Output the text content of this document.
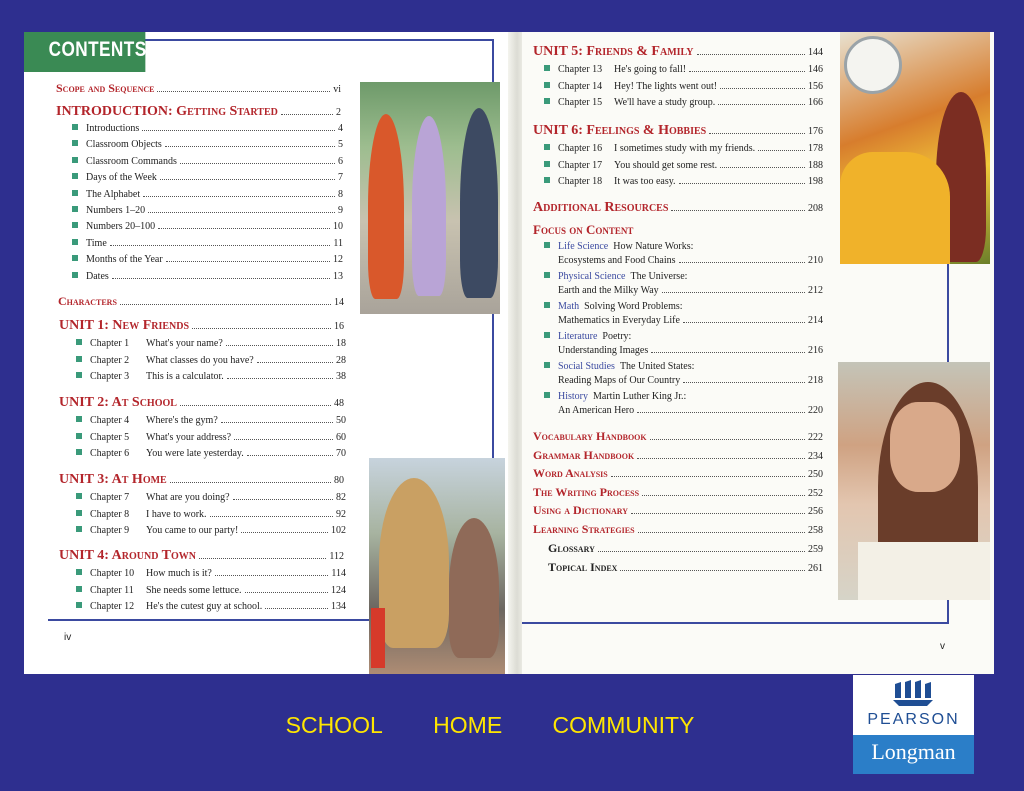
CONTENTS
Scope and Sequence	vi
INTRODUCTION: Getting Started	2
Characters	14
iv
Introductions	4
Classroom Objects	5
Classroom Commands	6
Days of the Week	7
The Alphabet	8
Numbers 1–20	9
Numbers 20–100	10
Time	11
Months of the Year	12
Dates	13
UNIT 1: New Friends	16
Chapter 1	What's your name?	18
Chapter 2	What classes do you have?	28
Chapter 3	This is a calculator.	38
UNIT 2: At School	48
Chapter 4	Where's the gym?	50
Chapter 5	What's your address?	60
Chapter 6	You were late yesterday.	70
UNIT 3: At Home	80
Chapter 7	What are you doing?	82
Chapter 8	I have to work.	92
Chapter 9	You came to our party!	102
UNIT 4: Around Town	112
Chapter 10	How much is it?	114
Chapter 11	She needs some lettuce.	124
Chapter 12	He's the cutest guy at school.	134
Additional Resources	208
Focus on Content
v
UNIT 5: Friends & Family	144
Chapter 13	He's going to fall!	146
Chapter 14	Hey! The lights went out!	156
Chapter 15	We'll have a study group.	166
UNIT 6: Feelings & Hobbies	176
Chapter 16	I sometimes study with my friends.	178
Chapter 17	You should get some rest.	188
Chapter 18	It was too easy.	198
Life Science How Nature Works:
Ecosystems and Food Chains	210
Physical Science The Universe:
Earth and the Milky Way	212
Math Solving Word Problems:
Mathematics in Everyday Life	214
Literature Poetry:
Understanding Images	216
Social Studies The United States:
Reading Maps of Our Country	218
History Martin Luther King Jr.:
An American Hero	220
Vocabulary Handbook	222
Grammar Handbook	234
Word Analysis	250
The Writing Process	252
Using a Dictionary	256
Learning Strategies	258
Glossary	259
Topical Index	261
SCHOOL HOME COMMUNITY	PEARSON
Longman
